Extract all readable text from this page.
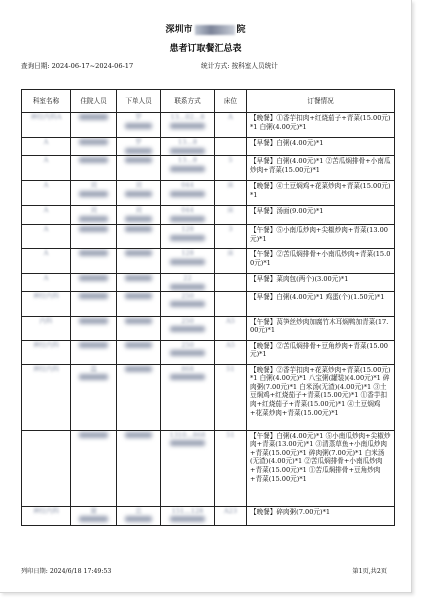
深圳市	院
患者订取餐汇总表
查询日期: 2024-06-17~2024-06-17	统计方式: 按科室人员统计
科室名称	住院人员	下单人员	联系方式	床位	订餐情况
神经内科A		罗	13…02…8	A	【晚餐】①香芋扣肉+红烧茄子+青菜(15.00元)*1 白粥(4.00元)*1
A		罗	13…8		【早餐】白粥(4.00元)*1
A			13…8	5	【早餐】白粥(4.00元)*1 ②苦瓜焖排骨+小南瓜炒肉+青菜(15.00元)*1
A	刘	刘	044	床	【晚餐】④土豆焖鸡+花菜炒肉+青菜(15.00元)*1
A	刘	刘	044	床	【早餐】汤面(9.00元)*1
A			128	3	【午餐】⑤小南瓜炒肉+尖椒炒肉+青菜(13.00元)*1
A			128	床	【午餐】②苦瓜焖排骨+小南瓜炒肉+青菜(15.00元)*1
A			22		【早餐】菜肉包(两个)(3.00元)*1
神经内科			250		【早餐】白粥(4.00元)*1 鸡蛋(个)(1.50元)*1
内科			250	A5	【午餐】莴笋丝炒肉加腐竹木耳焖鸭加青菜(17.00元)*1
神经内科			250	A5	【晚餐】②苦瓜焖排骨+豆角炒肉+青菜(15.00元)*1
神经内科	温		868	51	【晚餐】②香芋扣肉+花菜炒肉+青菜(15.00元)*1 白粥(4.00元)*1 八宝粥(罐装)(4.00元)*1 碎肉粥(7.00元)*1 白米汤(无渣)(4.00元)*1 ③土豆焖鸡+红烧茄子+青菜(15.00元)*1 ①香芋扣肉+红烧茄子+青菜(15.00元)*1 ④土豆焖鸡+花菜炒肉+青菜(15.00元)*1

	1310…868	51	【午餐】白粥(4.00元)*1 ⑤小南瓜炒肉+尖椒炒肉+青菜(13.00元)*1 ③清蒸草鱼+小南瓜炒肉+青菜(15.00元)*1 碎肉粥(7.00元)*1 白米汤(无渣)(4.00元)*1 ②苦瓜焖排骨+小南瓜炒肉+青菜(15.00元)*1 ①苦瓜焖排骨+豆角炒肉+青菜(15.00元)*1
神经内科	谢	忠	151…128	A23	【晚餐】碎肉粥(7.00元)*1
列印日期: 2024/6/18 17:49:53	第1页,共2页
